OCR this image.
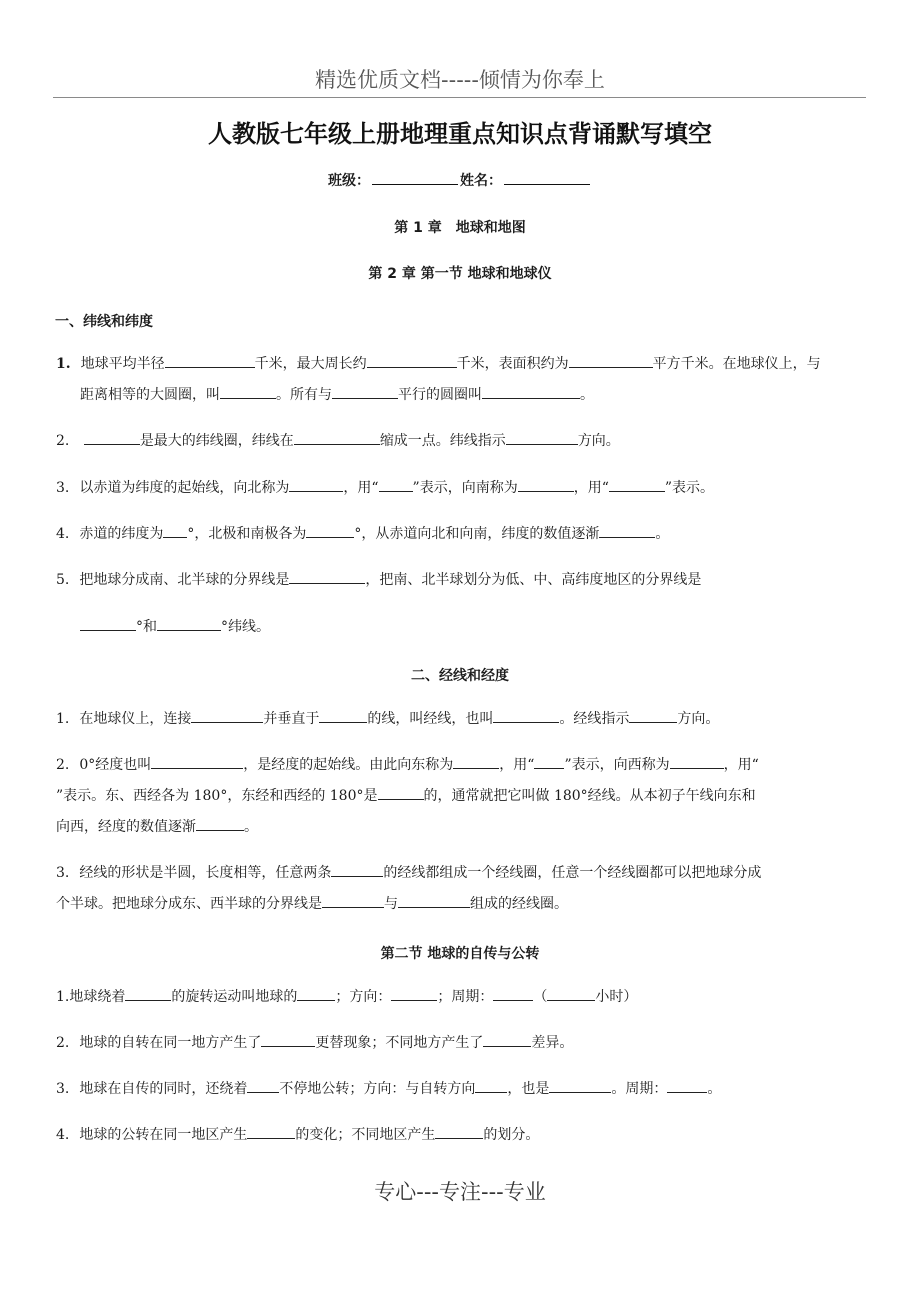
精选优质文档-----倾情为你奉上
人教版七年级上册地理重点知识点背诵默写填空
班级：	姓名：
第 1 章　地球和地图
第 2 章 第一节 地球和地球仪
一、纬线和纬度
1. 地球平均半径	千米，最大周长约	千米，表面积约为	平方千米。在地球仪上，与
距离相等的大圆圈，叫	。所有与	平行的圆圈叫	。
2.	是最大的纬线圈，纬线在	缩成一点。纬线指示	方向。
3. 以赤道为纬度的起始线，向北称为	，用“ ”表示，向南称为	，用“	”表示。
4. 赤道的纬度为 °，北极和南极各为	°，从赤道向北和向南，纬度的数值逐渐	。
5. 把地球分成南、北半球的分界线是	，把南、北半球划分为低、中、高纬度地区的分界线是
°和	°纬线。
二、经线和经度
1. 在地球仪上，连接	并垂直于	的线，叫经线，也叫	。经线指示	方向。
2. 0°经度也叫	，是经度的起始线。由此向东称为	，用“ ”表示，向西称为	，用“
”表示。东、西经各为 180°，东经和西经的 180°是	的，通常就把它叫做 180°经线。从本初子午线向东和
向西，经度的数值逐渐	。
3. 经线的形状是半圆，长度相等，任意两条	的经线都组成一个经线圈，任意一个经线圈都可以把地球分成
个半球。把地球分成东、西半球的分界线是	与	组成的经线圈。
第二节 地球的自传与公转
1.地球绕着	的旋转运动叫地球的	；方向：	；周期：	（	小时）
2. 地球的自转在同一地方产生了	更替现象；不同地方产生了	差异。
3. 地球在自传的同时，还绕着 不停地公转；方向：与自转方向 ，也是	。周期：	。
4. 地球的公转在同一地区产生	的变化；不同地区产生	的划分。
专心---专注---专业
